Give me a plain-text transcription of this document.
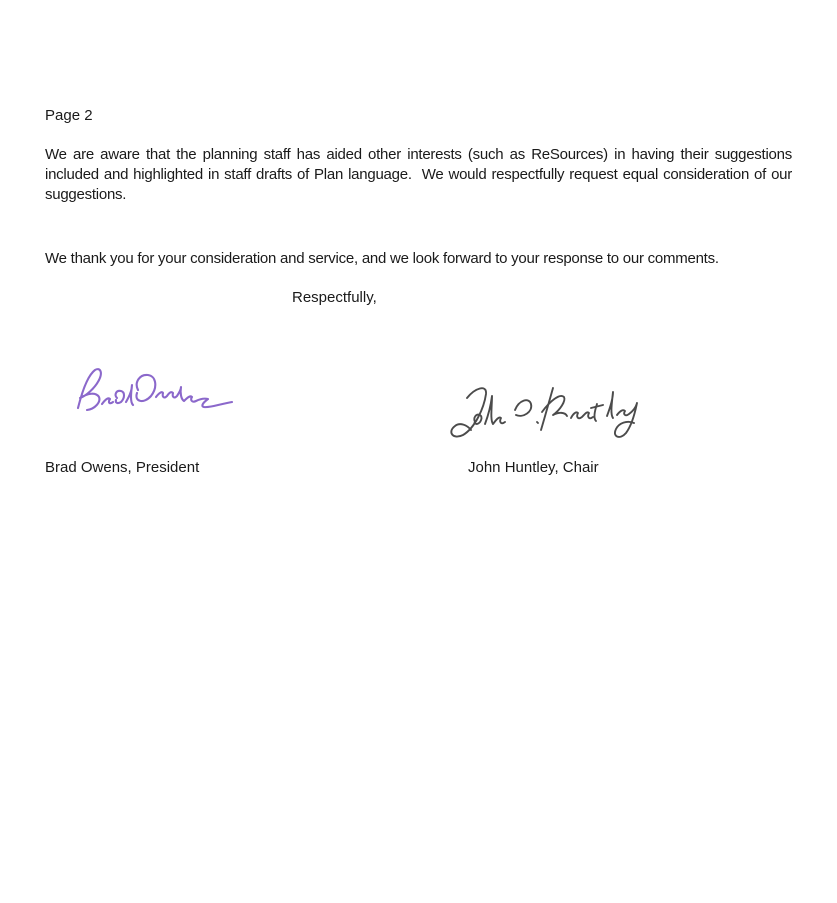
Page 2
We are aware that the planning staff has aided other interests (such as ReSources) in having their suggestions included and highlighted in staff drafts of Plan language.  We would respectfully request equal consideration of our suggestions.
We thank you for your consideration and service, and we look forward to your response to our comments.
Respectfully,
Brad Owens, President	John Huntley, Chair
